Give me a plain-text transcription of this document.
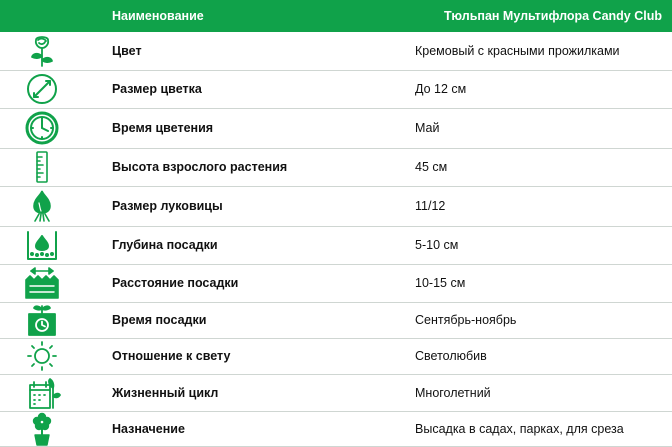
	Наименование	Тюльпан Мультифлора Candy Club

	Цвет	Кремовый с красными прожилками

	Размер цветка	До 12 см

	Время цветения	Май

	Высота взрослого растения	45 см

	Размер луковицы	11/12

	Глубина посадки	5-10 см

	Расстояние посадки	10-15 см

	Время посадки	Сентябрь-ноябрь

	Отношение к свету	Светолюбив

	Жизненный цикл	Многолетний

	Назначение	Высадка в садах, парках, для среза
